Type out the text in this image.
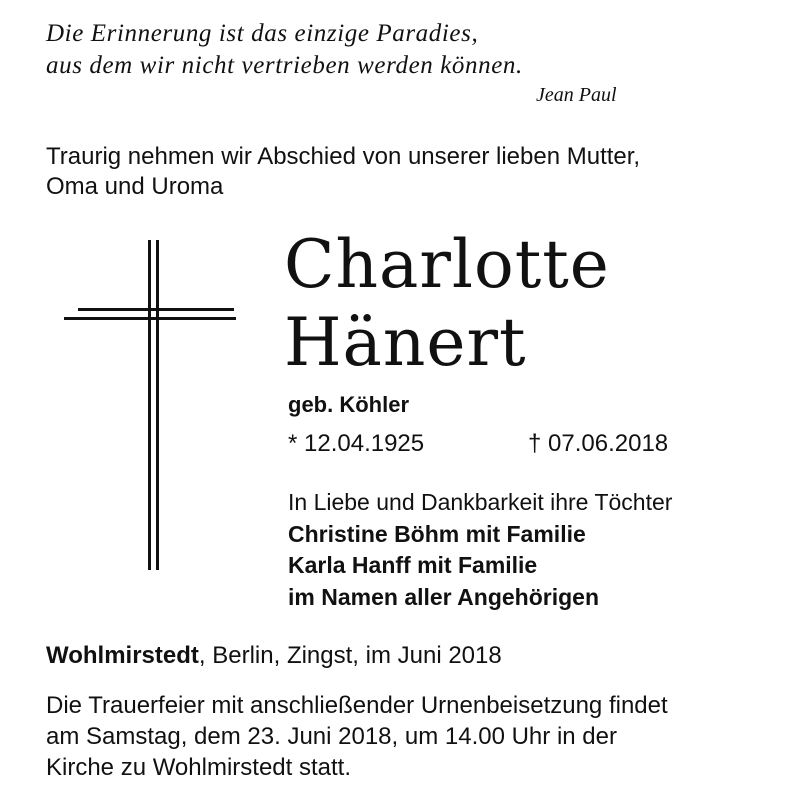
Die Erinnerung ist das einzige Paradies,
aus dem wir nicht vertrieben werden können.
Jean Paul
Traurig nehmen wir Abschied von unserer lieben Mutter,
Oma und Uroma
Charlotte
Hänert
geb. Köhler
* 12.04.1925	† 07.06.2018
In Liebe und Dankbarkeit ihre Töchter
Christine Böhm mit Familie
Karla Hanff mit Familie
im Namen aller Angehörigen
Wohlmirstedt, Berlin, Zingst, im Juni 2018
Die Trauerfeier mit anschließender Urnenbeisetzung findet
am Samstag, dem 23. Juni 2018, um 14.00 Uhr in der
Kirche zu Wohlmirstedt statt.
